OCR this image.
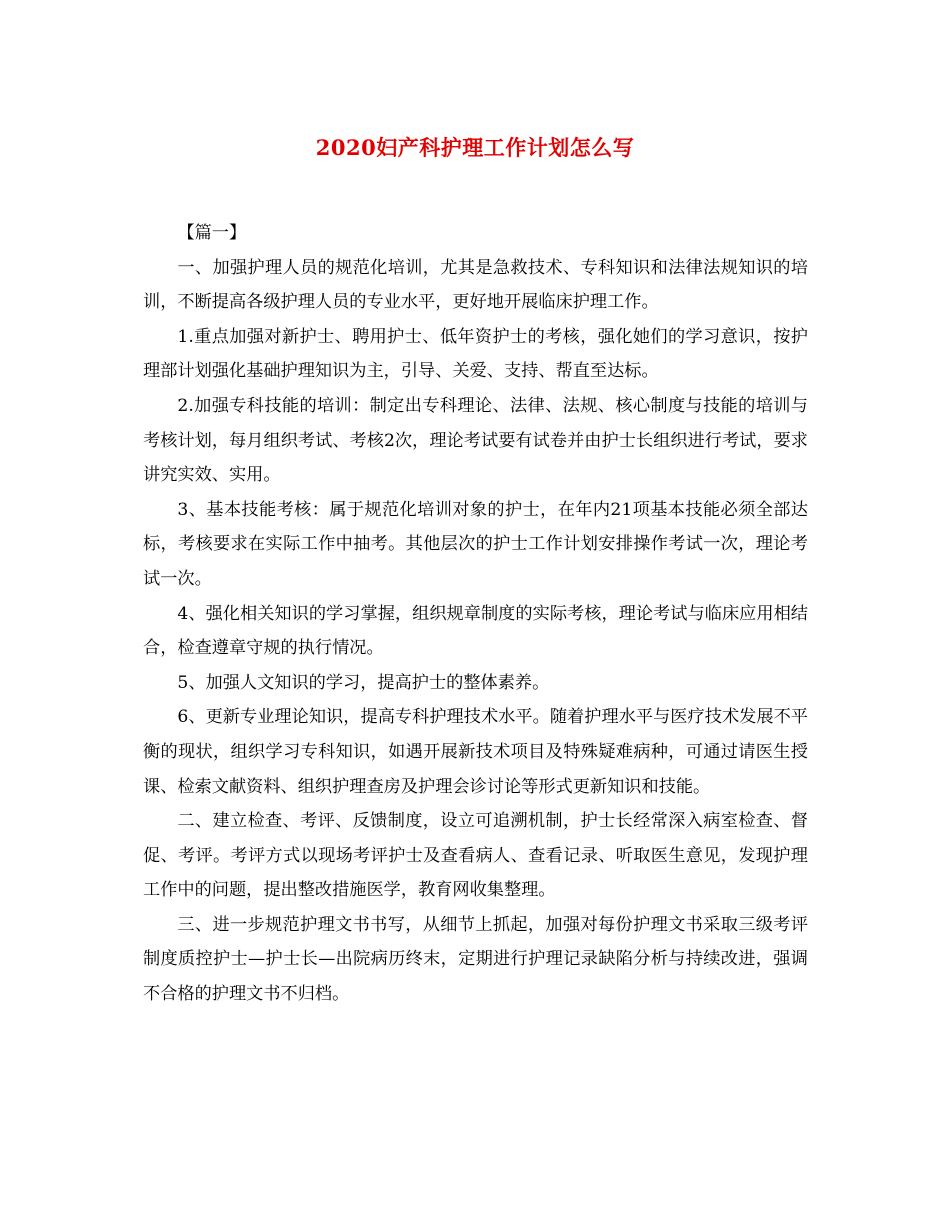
2020妇产科护理工作计划怎么写

【篇一】

一、加强护理人员的规范化培训，尤其是急救技术、专科知识和法律法规知识的培训，不断提高各级护理人员的专业水平，更好地开展临床护理工作。

1.重点加强对新护士、聘用护士、低年资护士的考核，强化她们的学习意识，按护理部计划强化基础护理知识为主，引导、关爱、支持、帮直至达标。

2.加强专科技能的培训：制定出专科理论、法律、法规、核心制度与技能的培训与考核计划，每月组织考试、考核2次，理论考试要有试卷并由护士长组织进行考试，要求讲究实效、实用。

3、基本技能考核：属于规范化培训对象的护士，在年内21项基本技能必须全部达标，考核要求在实际工作中抽考。其他层次的护士工作计划安排操作考试一次，理论考试一次。

4、强化相关知识的学习掌握，组织规章制度的实际考核，理论考试与临床应用相结合，检查遵章守规的执行情况。

5、加强人文知识的学习，提高护士的整体素养。

6、更新专业理论知识，提高专科护理技术水平。随着护理水平与医疗技术发展不平衡的现状，组织学习专科知识，如遇开展新技术项目及特殊疑难病种，可通过请医生授课、检索文献资料、组织护理查房及护理会诊讨论等形式更新知识和技能。

二、建立检查、考评、反馈制度，设立可追溯机制，护士长经常深入病室检查、督促、考评。考评方式以现场考评护士及查看病人、查看记录、听取医生意见，发现护理工作中的问题，提出整改措施医学，教育网收集整理。

三、进一步规范护理文书书写，从细节上抓起，加强对每份护理文书采取三级考评制度质控护士—护士长—出院病历终末，定期进行护理记录缺陷分析与持续改进，强调不合格的护理文书不归档。
